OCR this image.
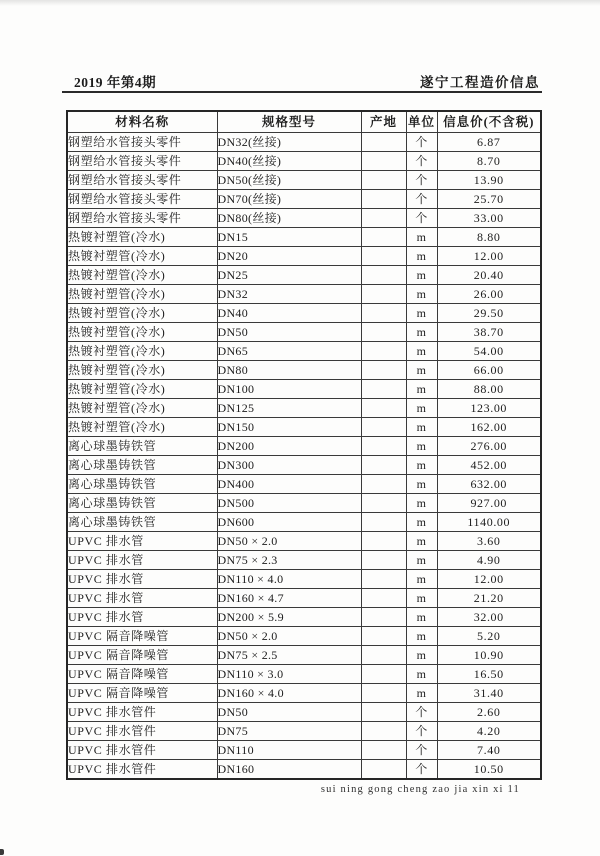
2019 年第4期	遂宁工程造价信息
材料名称	规格型号	产地	单位	信息价(不含税)
钢塑给水管接头零件	DN32(丝接)		个	6.87
钢塑给水管接头零件	DN40(丝接)		个	8.70
钢塑给水管接头零件	DN50(丝接)		个	13.90
钢塑给水管接头零件	DN70(丝接)		个	25.70
钢塑给水管接头零件	DN80(丝接)		个	33.00
热镀衬塑管(冷水)	DN15		m	8.80
热镀衬塑管(冷水)	DN20		m	12.00
热镀衬塑管(冷水)	DN25		m	20.40
热镀衬塑管(冷水)	DN32		m	26.00
热镀衬塑管(冷水)	DN40		m	29.50
热镀衬塑管(冷水)	DN50		m	38.70
热镀衬塑管(冷水)	DN65		m	54.00
热镀衬塑管(冷水)	DN80		m	66.00
热镀衬塑管(冷水)	DN100		m	88.00
热镀衬塑管(冷水)	DN125		m	123.00
热镀衬塑管(冷水)	DN150		m	162.00
离心球墨铸铁管	DN200		m	276.00
离心球墨铸铁管	DN300		m	452.00
离心球墨铸铁管	DN400		m	632.00
离心球墨铸铁管	DN500		m	927.00
离心球墨铸铁管	DN600		m	1140.00
UPVC 排水管	DN50 × 2.0		m	3.60
UPVC 排水管	DN75 × 2.3		m	4.90
UPVC 排水管	DN110 × 4.0		m	12.00
UPVC 排水管	DN160 × 4.7		m	21.20
UPVC 排水管	DN200 × 5.9		m	32.00
UPVC 隔音降噪管	DN50 × 2.0		m	5.20
UPVC 隔音降噪管	DN75 × 2.5		m	10.90
UPVC 隔音降噪管	DN110 × 3.0		m	16.50
UPVC 隔音降噪管	DN160 × 4.0		m	31.40
UPVC 排水管件	DN50		个	2.60
UPVC 排水管件	DN75		个	4.20
UPVC 排水管件	DN110		个	7.40
UPVC 排水管件	DN160		个	10.50
sui ning gong cheng zao jia xin xi 11
